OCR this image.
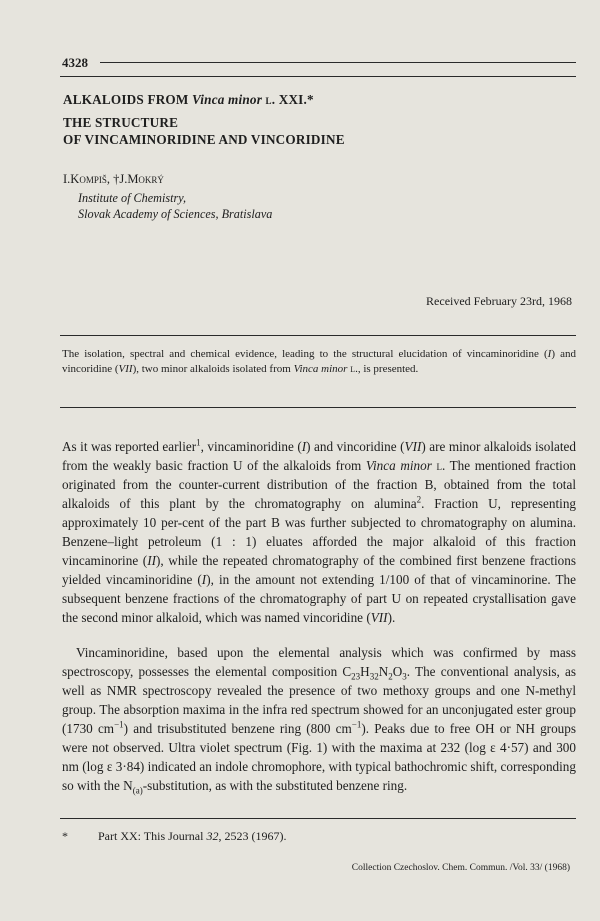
4328
ALKALOIDS FROM Vinca minor l. XXI.*
THE STRUCTURE
OF VINCAMINORIDINE AND VINCORIDINE
I.Kompiš, †J.Mokrý
Institute of Chemistry,
Slovak Academy of Sciences, Bratislava
Received February 23rd, 1968
The isolation, spectral and chemical evidence, leading to the structural elucidation of vincaminoridine (I) and vincoridine (VII), two minor alkaloids isolated from Vinca minor l., is presented.
As it was reported earlier$^1$, vincaminoridine (I) and vincoridine (VII) are minor alkaloids isolated from the weakly basic fraction U of the alkaloids from Vinca minor l. The mentioned fraction originated from the counter-current distribution of the fraction B, obtained from the total alkaloids of this plant by the chromatography on alumina$^2$. Fraction U, representing approximately 10 per-cent of the part B was further subjected to chromatography on alumina. Benzene–light petroleum (1 : 1) eluates afforded the major alkaloid of this fraction vincaminorine (II), while the repeated chromatography of the combined first benzene fractions yielded vincaminoridine (I), in the amount not extending 1/100 of that of vincaminorine. The subsequent benzene fractions of the chromatography of part U on repeated crystallisation gave the second minor alkaloid, which was named vincoridine (VII).
Vincaminoridine, based upon the elemental analysis which was confirmed by mass spectroscopy, possesses the elemental composition $C_{23}H_{32}N_2O_3$. The conventional analysis, as well as NMR spectroscopy revealed the presence of two methoxy groups and one N-methyl group. The absorption maxima in the infra red spectrum showed for an unconjugated ester group (1730 $cm^{-1}$) and trisubstituted benzene ring (800 $cm^{-1}$). Peaks due to free OH or NH groups were not observed. Ultra violet spectrum (Fig. 1) with the maxima at 232 (log ε 4·57) and 300 nm (log ε 3·84) indicated an indole chromophore, with typical bathochromic shift, corresponding so with the $N_{(a)}$-substitution, as with the substituted benzene ring.
*	Part XX: This Journal 32, 2523 (1967).
Collection Czechoslov. Chem. Commun. /Vol. 33/ (1968)
